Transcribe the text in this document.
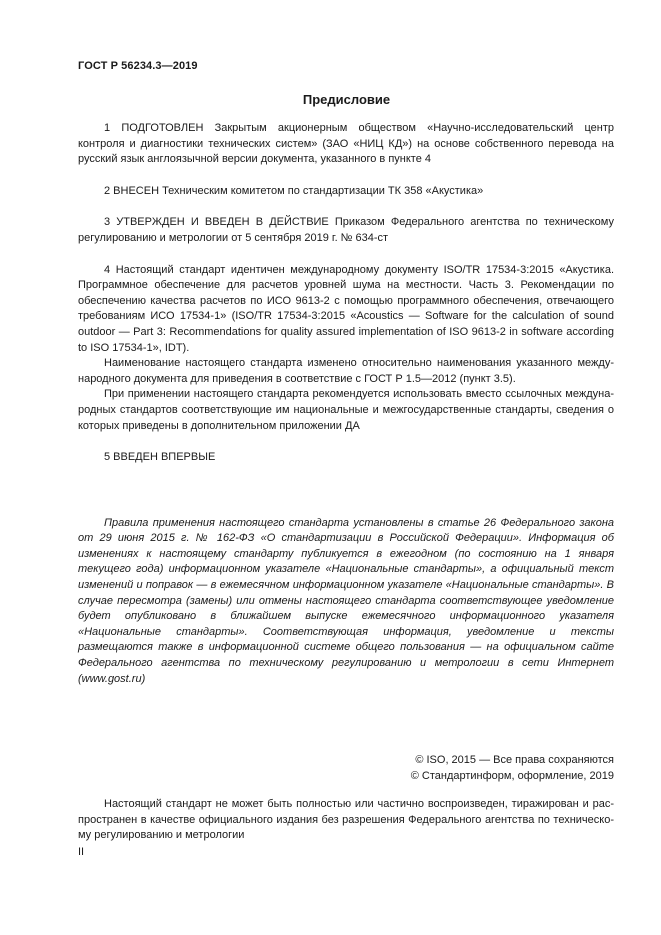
ГОСТ Р 56234.3—2019
Предисловие

1 ПОДГОТОВЛЕН Закрытым акционерным обществом «Научно-исследовательский центр контроля и диагностики технических систем» (ЗАО «НИЦ КД») на основе собственного перевода на русский язык англоязычной версии документа, указанного в пункте 4

2 ВНЕСЕН Техническим комитетом по стандартизации ТК 358 «Акустика»

3 УТВЕРЖДЕН И ВВЕДЕН В ДЕЙСТВИЕ Приказом Федерального агентства по техническому регулированию и метрологии от 5 сентября 2019 г. № 634-ст

4 Настоящий стандарт идентичен международному документу ISO/TR 17534-3:2015 «Акустика. Программное обеспечение для расчетов уровней шума на местности. Часть 3. Рекомендации по обеспечению качества расчетов по ИСО 9613-2 с помощью программного обеспечения, отвечающего требованиям ИСО 17534-1» (ISO/TR 17534-3:2015 «Acoustics — Software for the calculation of sound outdoor — Part 3: Recommendations for quality assured implementation of ISO 9613-2 in software according to ISO 17534-1», IDT).

Наименование настоящего стандарта изменено относительно наименования указанного международного документа для приведения в соответствие с ГОСТ Р 1.5—2012 (пункт 3.5).

При применении настоящего стандарта рекомендуется использовать вместо ссылочных международных стандартов соответствующие им национальные и межгосударственные стандарты, сведения о которых приведены в дополнительном приложении ДА

5 ВВЕДЕН ВПЕРВЫЕ

Правила применения настоящего стандарта установлены в статье 26 Федерального закона от 29 июня 2015 г. № 162-ФЗ «О стандартизации в Российской Федерации». Информация об изменениях к настоящему стандарту публикуется в ежегодном (по состоянию на 1 января текущего года) информационном указателе «Национальные стандарты», а официальный текст изменений и поправок — в ежемесячном информационном указателе «Национальные стандарты». В случае пересмотра (замены) или отмены настоящего стандарта соответствующее уведомление будет опубликовано в ближайшем выпуске ежемесячного информационного указателя «Национальные стандарты». Соответствующая информация, уведомление и тексты размещаются также в информационной системе общего пользования — на официальном сайте Федерального агентства по техническому регулированию и метрологии в сети Интернет (www.gost.ru)

© ISO, 2015 — Все права сохраняются
© Стандартинформ, оформление, 2019

Настоящий стандарт не может быть полностью или частично воспроизведен, тиражирован и распространен в качестве официального издания без разрешения Федерального агентства по техническому регулированию и метрологии

II
